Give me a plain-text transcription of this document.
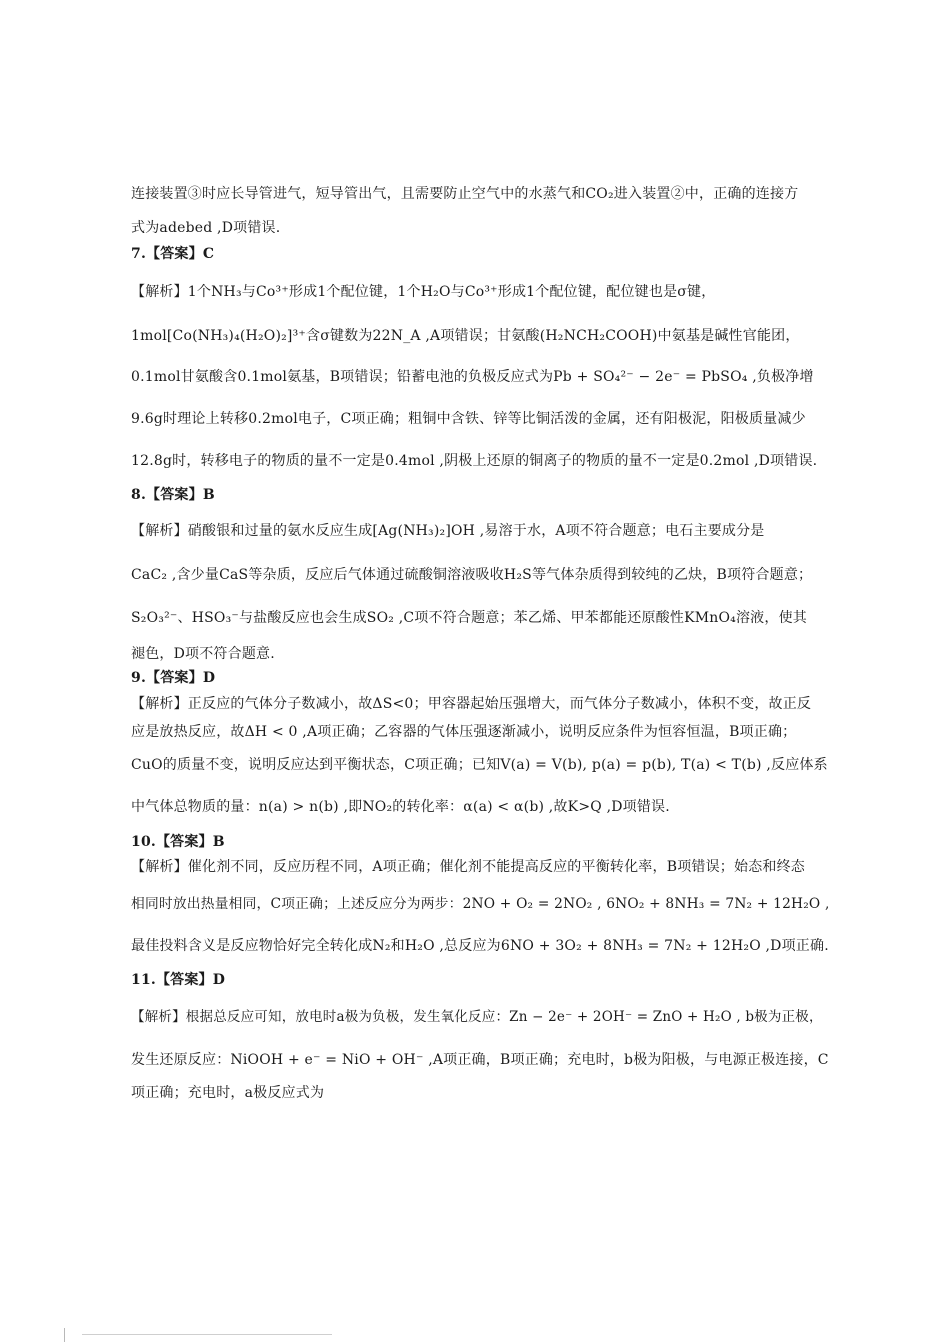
连接装置③时应长导管进气，短导管出气，且需要防止空气中的水蒸气和CO₂进入装置②中，正确的连接方
式为adebed ,D项错误.
7.【答案】C
【解析】1个NH₃与Co³⁺形成1个配位键，1个H₂O与Co³⁺形成1个配位键，配位键也是σ键，
1mol[Co(NH₃)₄(H₂O)₂]³⁺含σ键数为22N_A ,A项错误；甘氨酸(H₂NCH₂COOH)中氨基是碱性官能团，
0.1mol甘氨酸含0.1mol氨基，B项错误；铅蓄电池的负极反应式为Pb + SO₄²⁻ − 2e⁻ = PbSO₄ ,负极净增
9.6g时理论上转移0.2mol电子，C项正确；粗铜中含铁、锌等比铜活泼的金属，还有阳极泥，阳极质量减少
12.8g时，转移电子的物质的量不一定是0.4mol ,阴极上还原的铜离子的物质的量不一定是0.2mol ,D项错误.
8.【答案】B
【解析】硝酸银和过量的氨水反应生成[Ag(NH₃)₂]OH ,易溶于水，A项不符合题意；电石主要成分是
CaC₂ ,含少量CaS等杂质，反应后气体通过硫酸铜溶液吸收H₂S等气体杂质得到较纯的乙炔，B项符合题意；
S₂O₃²⁻、HSO₃⁻与盐酸反应也会生成SO₂ ,C项不符合题意；苯乙烯、甲苯都能还原酸性KMnO₄溶液，使其
褪色，D项不符合题意.
9.【答案】D
【解析】正反应的气体分子数减小，故ΔS<0；甲容器起始压强增大，而气体分子数减小，体积不变，故正反
应是放热反应，故ΔH < 0 ,A项正确；乙容器的气体压强逐渐减小，说明反应条件为恒容恒温，B项正确；
CuO的质量不变，说明反应达到平衡状态，C项正确；已知V(a) = V(b), p(a) = p(b), T(a) < T(b) ,反应体系
中气体总物质的量：n(a) > n(b) ,即NO₂的转化率：α(a) < α(b) ,故K>Q ,D项错误.
10.【答案】B
【解析】催化剂不同，反应历程不同，A项正确；催化剂不能提高反应的平衡转化率，B项错误；始态和终态
相同时放出热量相同，C项正确；上述反应分为两步：2NO + O₂ = 2NO₂ , 6NO₂ + 8NH₃ = 7N₂ + 12H₂O ,
最佳投料含义是反应物恰好完全转化成N₂和H₂O ,总反应为6NO + 3O₂ + 8NH₃ = 7N₂ + 12H₂O ,D项正确.
11.【答案】D
【解析】根据总反应可知，放电时a极为负极，发生氧化反应：Zn − 2e⁻ + 2OH⁻ = ZnO + H₂O , b极为正极，
发生还原反应：NiOOH + e⁻ = NiO + OH⁻ ,A项正确，B项正确；充电时，b极为阳极，与电源正极连接，C
项正确；充电时，a极反应式为
